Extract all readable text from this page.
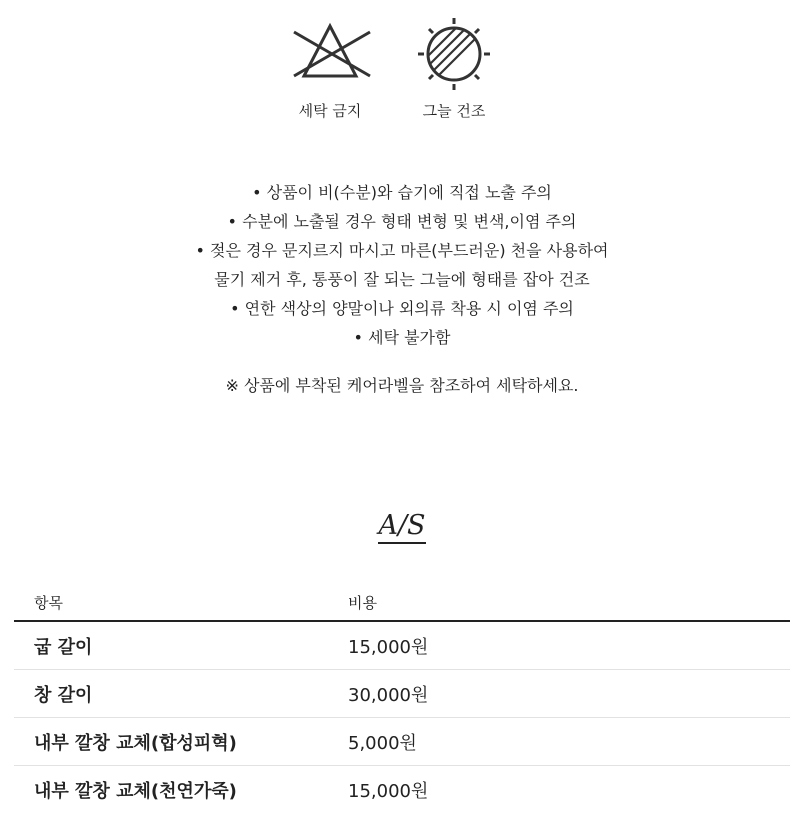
세탁 금지	그늘 건조
• 상품이 비(수분)와 습기에 직접 노출 주의
• 수분에 노출될 경우 형태 변형 및 변색,이염 주의
• 젖은 경우 문지르지 마시고 마른(부드러운) 천을 사용하여
물기 제거 후, 통풍이 잘 되는 그늘에 형태를 잡아 건조
• 연한 색상의 양말이나 외의류 착용 시 이염 주의
• 세탁 불가함
※ 상품에 부착된 케어라벨을 참조하여 세탁하세요.
A/S
항목	비용
굽 갈이	15,000원
창 갈이	30,000원
내부 깔창 교체(합성피혁)	5,000원
내부 깔창 교체(천연가죽)	15,000원
